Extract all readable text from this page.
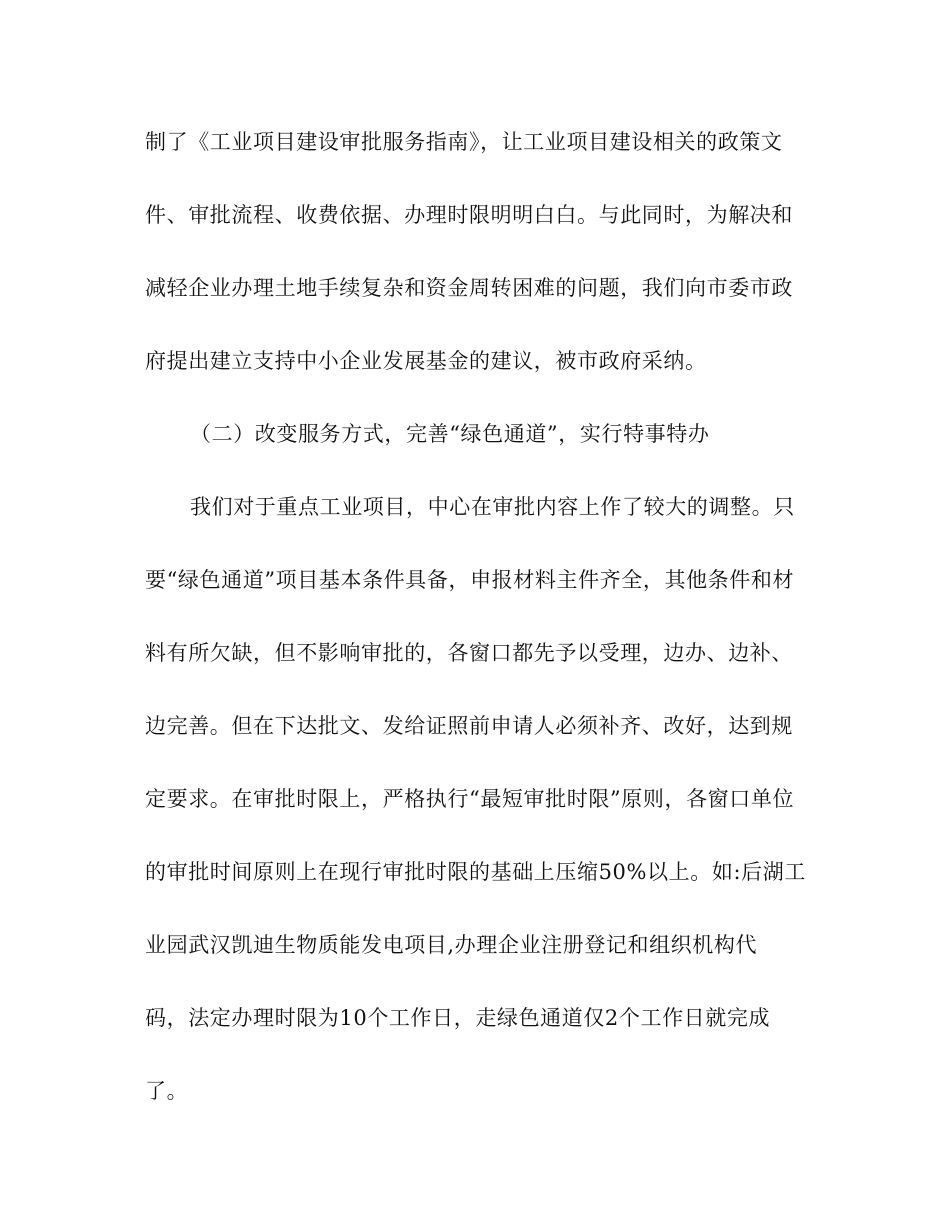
制了《工业项目建设审批服务指南》，让工业项目建设相关的政策文
件、审批流程、收费依据、办理时限明明白白。与此同时，为解决和
减轻企业办理土地手续复杂和资金周转困难的问题，我们向市委市政
府提出建立支持中小企业发展基金的建议，被市政府采纳。
（二）改变服务方式，完善“绿色通道”，实行特事特办
我们对于重点工业项目，中心在审批内容上作了较大的调整。只
要“绿色通道”项目基本条件具备，申报材料主件齐全，其他条件和材
料有所欠缺，但不影响审批的，各窗口都先予以受理，边办、边补、
边完善。但在下达批文、发给证照前申请人必须补齐、改好，达到规
定要求。在审批时限上，严格执行“最短审批时限”原则，各窗口单位
的审批时间原则上在现行审批时限的基础上压缩50%以上。如:后湖工
业园武汉凯迪生物质能发电项目,办理企业注册登记和组织机构代
码，法定办理时限为10个工作日，走绿色通道仅2个工作日就完成
了。
